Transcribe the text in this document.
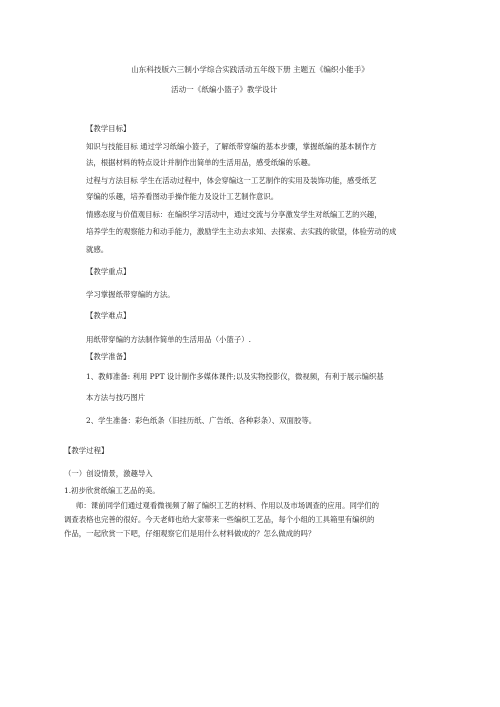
山东科技版六三制小学综合实践活动五年级下册 主题五《编织小能手》
活动一《纸编小篮子》教学设计
【教学目标】
知识与技能目标 通过学习纸编小篮子，了解纸带穿编的基本步骤，掌握纸编的基本制作方
法，根据材料的特点设计并制作出简单的生活用品，感受纸编的乐趣。
过程与方法目标 学生在活动过程中，体会穿编这一工艺制作的实用及装饰功能，感受纸艺
穿编的乐趣，培养看图动手操作能力及设计工艺制作意识。
情感态度与价值观目标：在编织学习活动中，通过交流与分享激发学生对纸编工艺的兴趣，
培养学生的观察能力和动手能力，激励学生主动去求知、去探索、去实践的欲望，体验劳动的成
就感。
【教学重点】
学习掌握纸带穿编的方法。
【教学难点】
用纸带穿编的方法制作简单的生活用品（小篮子）.
【教学准备】
1、教师准备: 利用 PPT 设计制作多媒体课件;以及实物投影仪，微视频，有利于展示编织基
本方法与技巧图片
2、学生准备：彩色纸条（旧挂历纸、广告纸、各种彩条）、双面胶等。
【教学过程】
（一）创设情景，激趣导入
1.初步欣赏纸编工艺品的美。
师：课前同学们通过观看微视频了解了编织工艺的材料、作用以及市场调查的应用。同学们的
调查表格也完善的很好。今天老师也给大家带来一些编织工艺品，每个小组的工具箱里有编织的
作品，一起欣赏一下吧，仔细观察它们是用什么材料做成的？怎么做成的吗？
